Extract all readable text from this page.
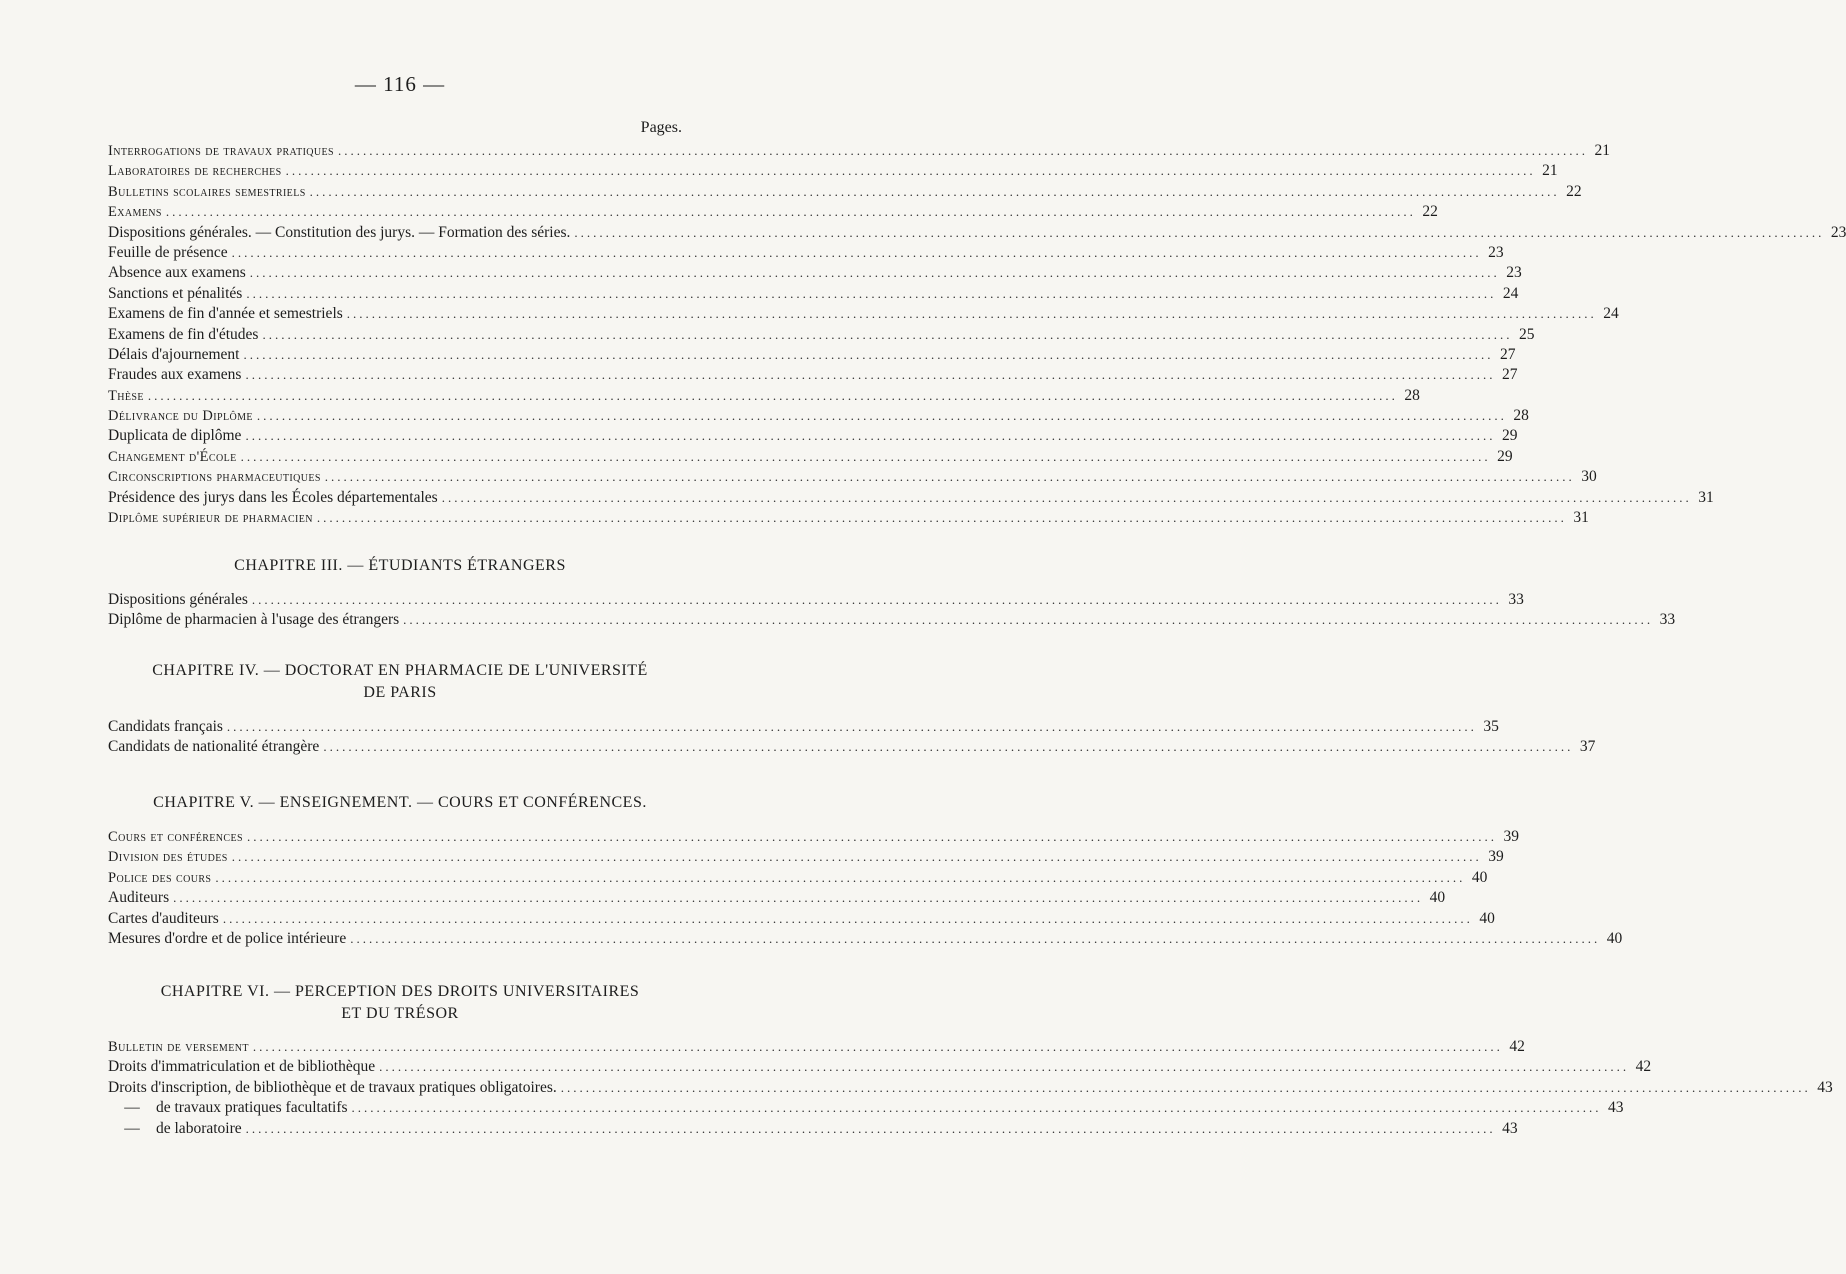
— 116 —
Pages.
Interrogations de travaux pratiques ........................................................................................................................................................................................................ 21
Laboratoires de recherches ........................................................................................................................................................................................................ 21
Bulletins scolaires semestriels ........................................................................................................................................................................................................ 22
Examens ........................................................................................................................................................................................................ 22
Dispositions générales. — Constitution des jurys. — Formation des séries. ........................................................................................................................................................................................................ 23
Feuille de présence ........................................................................................................................................................................................................ 23
Absence aux examens ........................................................................................................................................................................................................ 23
Sanctions et pénalités ........................................................................................................................................................................................................ 24
Examens de fin d'année et semestriels ........................................................................................................................................................................................................ 24
Examens de fin d'études ........................................................................................................................................................................................................ 25
Délais d'ajournement ........................................................................................................................................................................................................ 27
Fraudes aux examens ........................................................................................................................................................................................................ 27
Thèse ........................................................................................................................................................................................................ 28
Délivrance du Diplôme ........................................................................................................................................................................................................ 28
Duplicata de diplôme ........................................................................................................................................................................................................ 29
Changement d'École ........................................................................................................................................................................................................ 29
Circonscriptions pharmaceutiques ........................................................................................................................................................................................................ 30
Présidence des jurys dans les Écoles départementales ........................................................................................................................................................................................................ 31
Diplôme supérieur de pharmacien ........................................................................................................................................................................................................ 31
CHAPITRE III. — ÉTUDIANTS ÉTRANGERS
Dispositions générales ........................................................................................................................................................................................................ 33
Diplôme de pharmacien à l'usage des étrangers ........................................................................................................................................................................................................ 33
CHAPITRE IV. — DOCTORAT EN PHARMACIE DE L'UNIVERSITÉ
DE PARIS
Candidats français ........................................................................................................................................................................................................ 35
Candidats de nationalité étrangère ........................................................................................................................................................................................................ 37
CHAPITRE V. — ENSEIGNEMENT. — COURS ET CONFÉRENCES.
Cours et conférences ........................................................................................................................................................................................................ 39
Division des études ........................................................................................................................................................................................................ 39
Police des cours ........................................................................................................................................................................................................ 40
Auditeurs ........................................................................................................................................................................................................ 40
Cartes d'auditeurs ........................................................................................................................................................................................................ 40
Mesures d'ordre et de police intérieure ........................................................................................................................................................................................................ 40
CHAPITRE VI. — PERCEPTION DES DROITS UNIVERSITAIRES
ET DU TRÉSOR
Bulletin de versement ........................................................................................................................................................................................................ 42
Droits d'immatriculation et de bibliothèque ........................................................................................................................................................................................................ 42
Droits d'inscription, de bibliothèque et de travaux pratiques obligatoires. ........................................................................................................................................................................................................ 43
—	de travaux pratiques facultatifs ........................................................................................................................................................................................................ 43
—	de laboratoire ........................................................................................................................................................................................................ 43
